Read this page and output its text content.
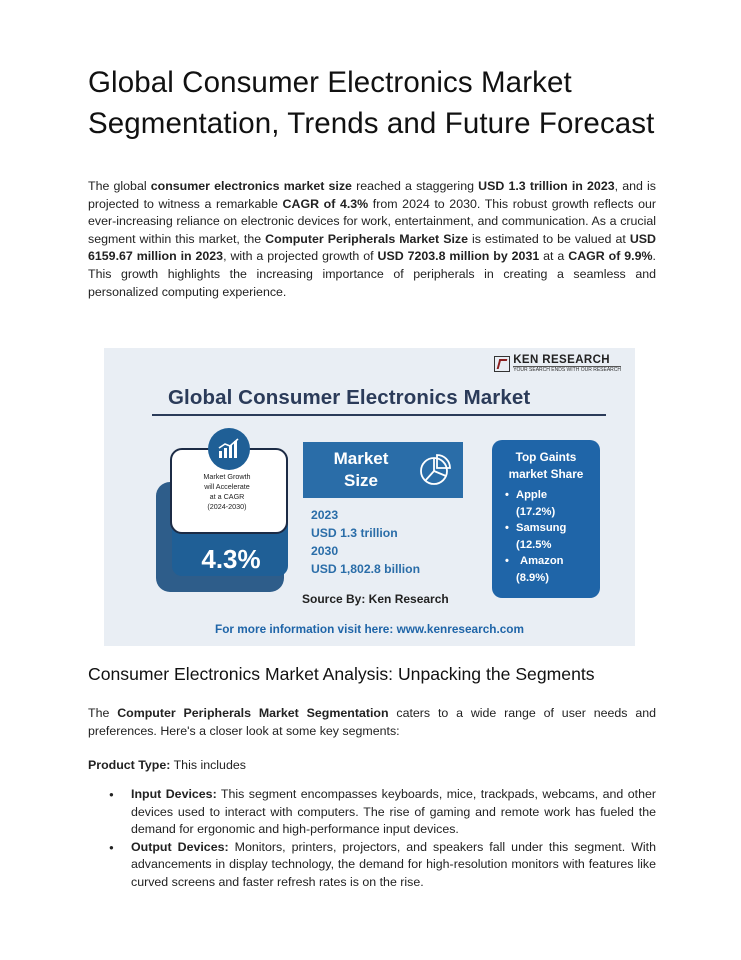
Global Consumer Electronics Market Segmentation, Trends and Future Forecast

The global consumer electronics market size reached a staggering USD 1.3 trillion in 2023, and is projected to witness a remarkable CAGR of 4.3% from 2024 to 2030. This robust growth reflects our ever-increasing reliance on electronic devices for work, entertainment, and communication. As a crucial segment within this market, the Computer Peripherals Market Size is estimated to be valued at USD 6159.67 million in 2023, with a projected growth of USD 7203.8 million by 2031 at a CAGR of 9.9%. This growth highlights the increasing importance of peripherals in creating a seamless and personalized computing experience.

KEN RESEARCH
YOUR SEARCH ENDS WITH OUR RESEARCH
Global Consumer Electronics Market
Market Growth
will Accelerate
at a CAGR
(2024-2030)
4.3%
Market
Size
2023
USD 1.3 trillion
2030
USD 1,802.8 billion
Source By: Ken Research
Top Gaints
market Share
• Apple
(17.2%)
• Samsung
(12.5%
• Amazon
(8.9%)
For more information visit here: www.kenresearch.com
Consumer Electronics Market Analysis: Unpacking the Segments

The Computer Peripherals Market Segmentation caters to a wide range of user needs and preferences. Here's a closer look at some key segments:

Product Type: This includes

● Input Devices: This segment encompasses keyboards, mice, trackpads, webcams, and other devices used to interact with computers. The rise of gaming and remote work has fueled the demand for ergonomic and high-performance input devices.
● Output Devices: Monitors, printers, projectors, and speakers fall under this segment. With advancements in display technology, the demand for high-resolution monitors with features like curved screens and faster refresh rates is on the rise.
